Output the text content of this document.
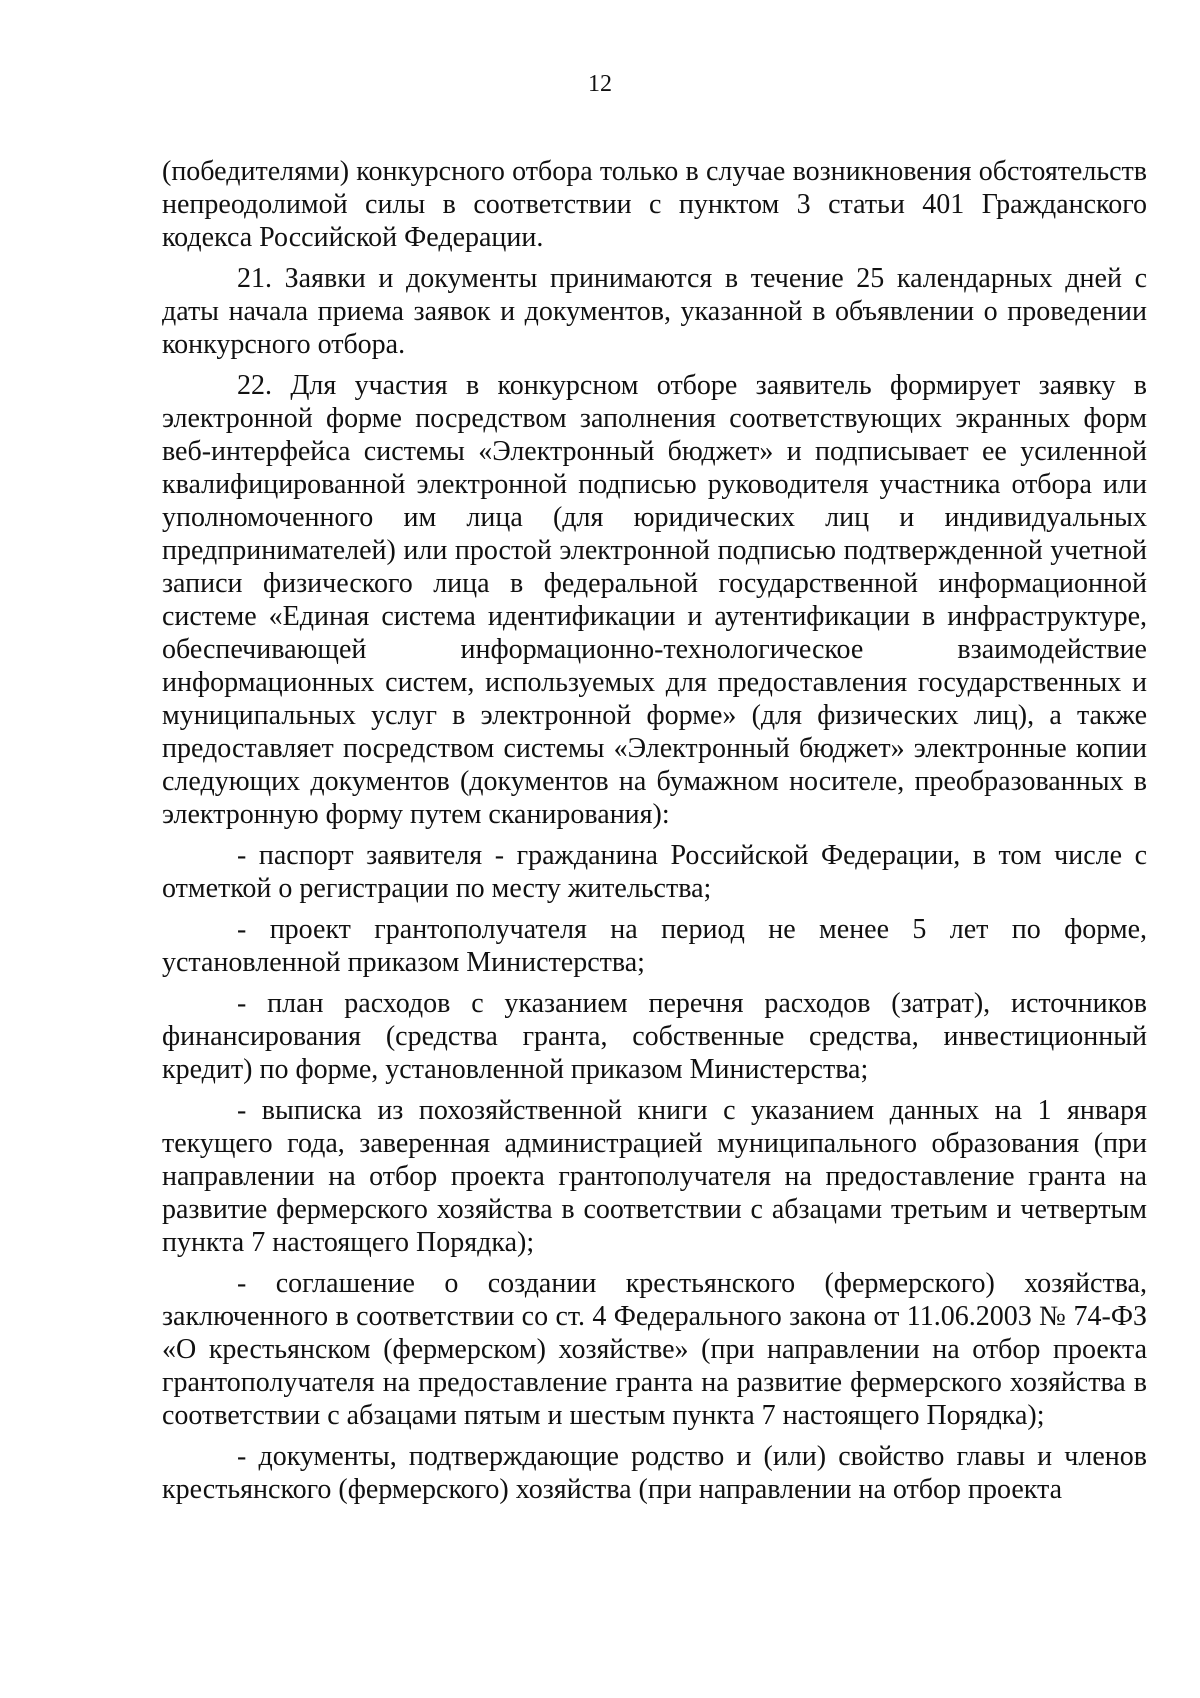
12

(победителями) конкурсного отбора только в случае возникновения обстоятельств непреодолимой силы в соответствии с пунктом 3 статьи 401 Гражданского кодекса Российской Федерации.

21. Заявки и документы принимаются в течение 25 календарных дней с даты начала приема заявок и документов, указанной в объявлении о проведении конкурсного отбора.

22. Для участия в конкурсном отборе заявитель формирует заявку в электронной форме посредством заполнения соответствующих экранных форм веб-интерфейса системы «Электронный бюджет» и подписывает ее усиленной квалифицированной электронной подписью руководителя участника отбора или уполномоченного им лица (для юридических лиц и индивидуальных предпринимателей) или простой электронной подписью подтвержденной учетной записи физического лица в федеральной государственной информационной системе «Единая система идентификации и аутентификации в инфраструктуре, обеспечивающей информационно-технологическое взаимодействие информационных систем, используемых для предоставления государственных и муниципальных услуг в электронной форме» (для физических лиц), а также предоставляет посредством системы «Электронный бюджет» электронные копии следующих документов (документов на бумажном носителе, преобразованных в электронную форму путем сканирования):

- паспорт заявителя - гражданина Российской Федерации, в том числе с отметкой о регистрации по месту жительства;

- проект грантополучателя на период не менее 5 лет по форме, установленной приказом Министерства;

- план расходов с указанием перечня расходов (затрат), источников финансирования (средства гранта, собственные средства, инвестиционный кредит) по форме, установленной приказом Министерства;

- выписка из похозяйственной книги с указанием данных на 1 января текущего года, заверенная администрацией муниципального образования (при направлении на отбор проекта грантополучателя на предоставление гранта на развитие фермерского хозяйства в соответствии с абзацами третьим и четвертым пункта 7 настоящего Порядка);

- соглашение о создании крестьянского (фермерского) хозяйства, заключенного в соответствии со ст. 4 Федерального закона от 11.06.2003 № 74-ФЗ «О крестьянском (фермерском) хозяйстве» (при направлении на отбор проекта грантополучателя на предоставление гранта на развитие фермерского хозяйства в соответствии с абзацами пятым и шестым пункта 7 настоящего Порядка);

- документы, подтверждающие родство и (или) свойство главы и членов крестьянского (фермерского) хозяйства (при направлении на отбор проекта
